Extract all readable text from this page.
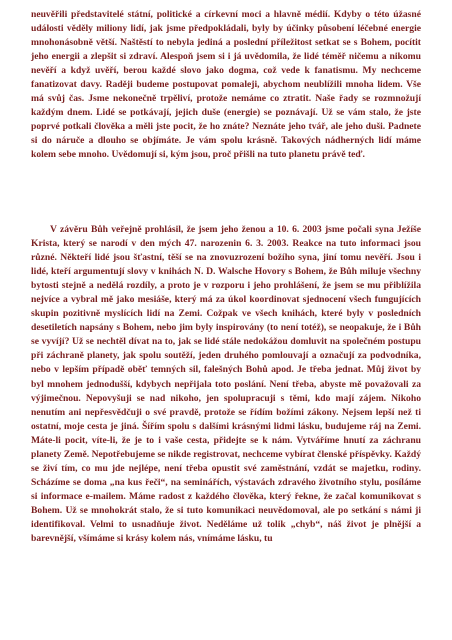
neuvěřili představitelé státní, politické a církevní moci a hlavně médií. Kdyby o této úžasné události věděly miliony lidí, jak jsme předpokládali, byly by účinky působení léčebné energie mnohonásobně větší. Naštěstí to nebyla jediná a poslední příležitost setkat se s Bohem, pocítit jeho energii a zlepšit si zdraví. Alespoň jsem si i já uvědomila, že lidé téměř ničemu a nikomu nevěří a když uvěří, berou každé slovo jako dogma, což vede k fanatismu. My nechceme fanatizovat davy. Raději budeme postupovat pomaleji, abychom neublížili mnoha lidem. Vše má svůj čas. Jsme nekonečně trpěliví, protože nemáme co ztratit. Naše řady se rozmnožují každým dnem. Lidé se potkávají, jejich duše (energie) se poznávají. Už se vám stalo, že jste poprvé potkali člověka a měli jste pocit, že ho znáte? Neznáte jeho tvář, ale jeho duši. Padnete si do náruče a dlouho se objímáte. Je vám spolu krásně. Takových nádherných lidí máme kolem sebe mnoho. Uvědomují si, kým jsou, proč přišli na tuto planetu právě teď.

V závěru Bůh veřejně prohlásil, že jsem jeho ženou a 10. 6. 2003 jsme počali syna Ježíše Krista, který se narodí v den mých 47. narozenin 6. 3. 2003. Reakce na tuto informaci jsou různé. Někteří lidé jsou šťastní, těší se na znovuzrození božího syna, jiní tomu nevěří. Jsou i lidé, kteří argumentují slovy v knihách N. D. Walsche Hovory s Bohem, že Bůh miluje všechny bytosti stejně a nedělá rozdíly, a proto je v rozporu i jeho prohlášení, že jsem se mu přiblížila nejvíce a vybral mě jako mesiáše, který má za úkol koordinovat sjednocení všech fungujících skupin pozitivně myslících lidí na Zemi. Cožpak ve všech knihách, které byly v posledních desetiletích napsány s Bohem, nebo jim byly inspirovány (to není totéž), se neopakuje, že i Bůh se vyvíjí? Už se nechtěl dívat na to, jak se lidé stále nedokážou domluvit na společném postupu při záchraně planety, jak spolu soutěží, jeden druhého pomlouvají a označují za podvodníka, nebo v lepším případě oběť temných sil, falešných Bohů apod. Je třeba jednat. Můj život by byl mnohem jednodušší, kdybych nepřijala toto poslání. Není třeba, abyste mě považovali za výjimečnou. Nepovyšuji se nad nikoho, jen spolupracuji s těmi, kdo mají zájem. Nikoho nenutím ani nepřesvědčuji o své pravdě, protože se řídím božími zákony. Nejsem lepší než ti ostatní, moje cesta je jiná. Šířím spolu s dalšími krásnými lidmi lásku, budujeme ráj na Zemi. Máte-li pocit, víte-li, že je to i vaše cesta, přidejte se k nám. Vytváříme hnutí za záchranu planety Země. Nepotřebujeme se nikde registrovat, nechceme vybírat členské příspěvky. Každý se živí tím, co mu jde nejlépe, není třeba opustit své zaměstnání, vzdát se majetku, rodiny. Scházíme se doma „na kus řeči“, na seminářích, výstavách zdravého životního stylu, posíláme si informace e-mailem. Máme radost z každého člověka, který řekne, že začal komunikovat s Bohem. Už se mnohokrát stalo, že si tuto komunikaci neuvědomoval, ale po setkání s námi ji identifikoval. Velmi to usnadňuje život. Neděláme už tolik „chyb“, náš život je plnější a barevnější, všímáme si krásy kolem nás, vnímáme lásku, tu
